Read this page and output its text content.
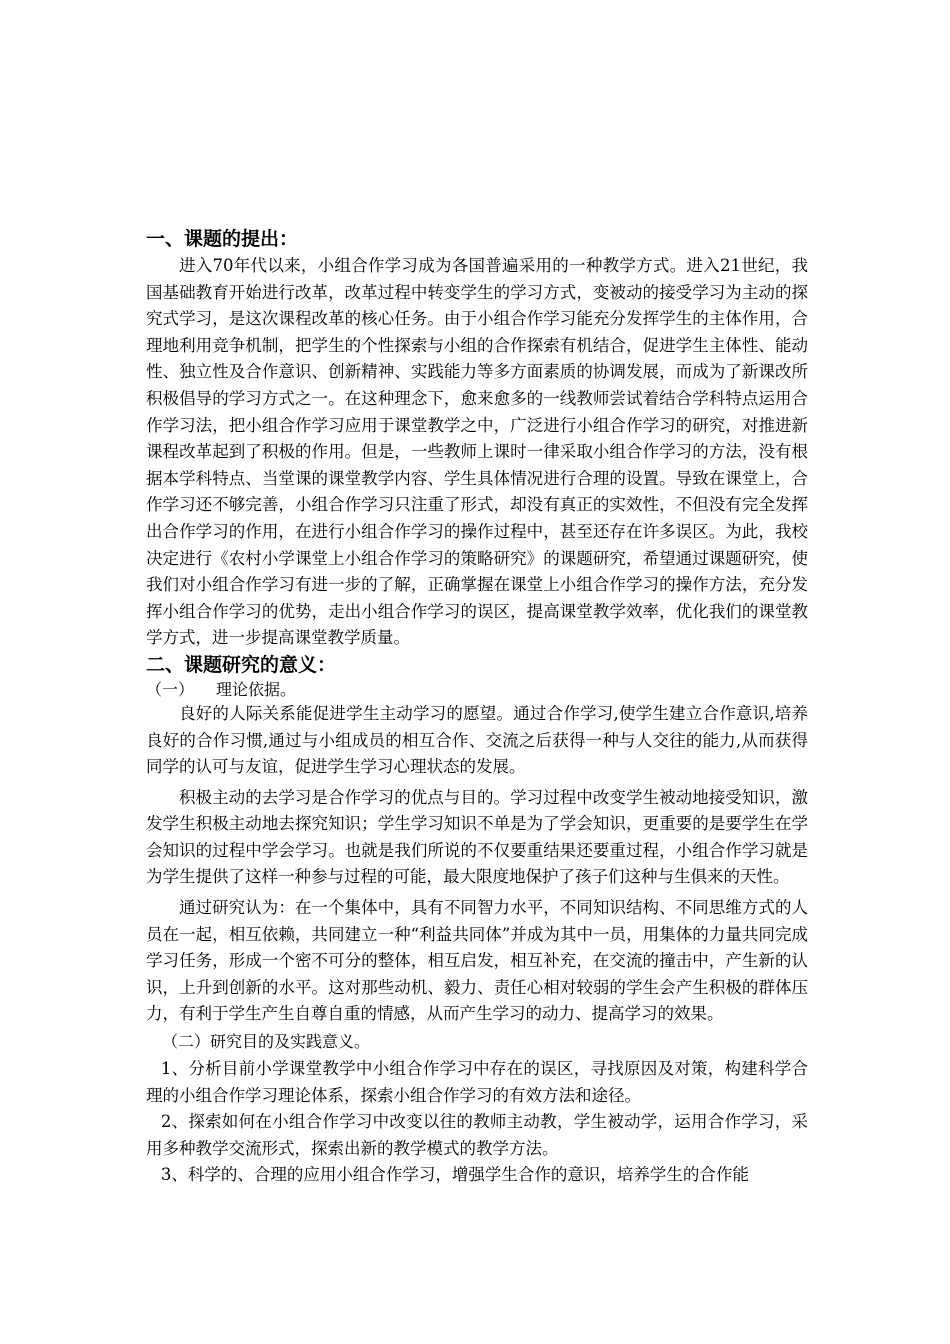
一、课题的提出：

进入70年代以来，小组合作学习成为各国普遍采用的一种教学方式。进入21世纪，我国基础教育开始进行改革，改革过程中转变学生的学习方式，变被动的接受学习为主动的探究式学习，是这次课程改革的核心任务。由于小组合作学习能充分发挥学生的主体作用，合理地利用竞争机制，把学生的个性探索与小组的合作探索有机结合，促进学生主体性、能动性、独立性及合作意识、创新精神、实践能力等多方面素质的协调发展，而成为了新课改所积极倡导的学习方式之一。在这种理念下，愈来愈多的一线教师尝试着结合学科特点运用合作学习法，把小组合作学习应用于课堂教学之中，广泛进行小组合作学习的研究，对推进新课程改革起到了积极的作用。但是，一些教师上课时一律采取小组合作学习的方法，没有根据本学科特点、当堂课的课堂教学内容、学生具体情况进行合理的设置。导致在课堂上，合作学习还不够完善，小组合作学习只注重了形式，却没有真正的实效性，不但没有完全发挥出合作学习的作用，在进行小组合作学习的操作过程中，甚至还存在许多误区。为此，我校决定进行《农村小学课堂上小组合作学习的策略研究》的课题研究，希望通过课题研究，使我们对小组合作学习有进一步的了解，正确掌握在课堂上小组合作学习的操作方法，充分发挥小组合作学习的优势，走出小组合作学习的误区，提高课堂教学效率，优化我们的课堂教学方式，进一步提高课堂教学质量。

二、课题研究的意义：
（一） 理论依据。

良好的人际关系能促进学生主动学习的愿望。通过合作学习,使学生建立合作意识,培养良好的合作习惯,通过与小组成员的相互合作、交流之后获得一种与人交往的能力,从而获得同学的认可与友谊，促进学生学习心理状态的发展。

积极主动的去学习是合作学习的优点与目的。学习过程中改变学生被动地接受知识，激发学生积极主动地去探究知识；学生学习知识不单是为了学会知识，更重要的是要学生在学会知识的过程中学会学习。也就是我们所说的不仅要重结果还要重过程，小组合作学习就是为学生提供了这样一种参与过程的可能，最大限度地保护了孩子们这种与生俱来的天性。

通过研究认为：在一个集体中，具有不同智力水平，不同知识结构、不同思维方式的人员在一起，相互依赖，共同建立一种“利益共同体”并成为其中一员，用集体的力量共同完成学习任务，形成一个密不可分的整体，相互启发，相互补充，在交流的撞击中，产生新的认识，上升到创新的水平。这对那些动机、毅力、责任心相对较弱的学生会产生积极的群体压力，有利于学生产生自尊自重的情感，从而产生学习的动力、提高学习的效果。

（二）研究目的及实践意义。

1、分析目前小学课堂教学中小组合作学习中存在的误区，寻找原因及对策，构建科学合理的小组合作学习理论体系，探索小组合作学习的有效方法和途径。

2、探索如何在小组合作学习中改变以往的教师主动教，学生被动学，运用合作学习，采用多种教学交流形式，探索出新的教学模式的教学方法。

3、科学的、合理的应用小组合作学习，增强学生合作的意识，培养学生的合作能
